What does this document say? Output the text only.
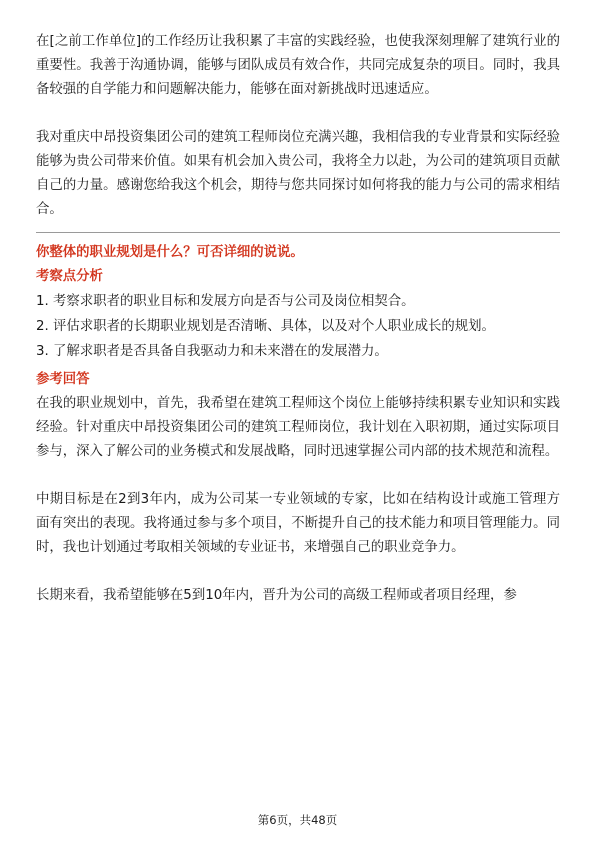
在[之前工作单位]的工作经历让我积累了丰富的实践经验，也使我深刻理解了建筑行业的重要性。我善于沟通协调，能够与团队成员有效合作，共同完成复杂的项目。同时，我具备较强的自学能力和问题解决能力，能够在面对新挑战时迅速适应。

我对重庆中昂投资集团公司的建筑工程师岗位充满兴趣，我相信我的专业背景和实际经验能够为贵公司带来价值。如果有机会加入贵公司，我将全力以赴，为公司的建筑项目贡献自己的力量。感谢您给我这个机会，期待与您共同探讨如何将我的能力与公司的需求相结合。

你整体的职业规划是什么？可否详细的说说。

考察点分析

1. 考察求职者的职业目标和发展方向是否与公司及岗位相契合。
2. 评估求职者的长期职业规划是否清晰、具体，以及对个人职业成长的规划。
3. 了解求职者是否具备自我驱动力和未来潜在的发展潜力。

参考回答

在我的职业规划中，首先，我希望在建筑工程师这个岗位上能够持续积累专业知识和实践经验。针对重庆中昂投资集团公司的建筑工程师岗位，我计划在入职初期，通过实际项目参与，深入了解公司的业务模式和发展战略，同时迅速掌握公司内部的技术规范和流程。

中期目标是在2到3年内，成为公司某一专业领域的专家，比如在结构设计或施工管理方面有突出的表现。我将通过参与多个项目，不断提升自己的技术能力和项目管理能力。同时，我也计划通过考取相关领域的专业证书，来增强自己的职业竞争力。

长期来看，我希望能够在5到10年内，晋升为公司的高级工程师或者项目经理，参

第6页，共48页
